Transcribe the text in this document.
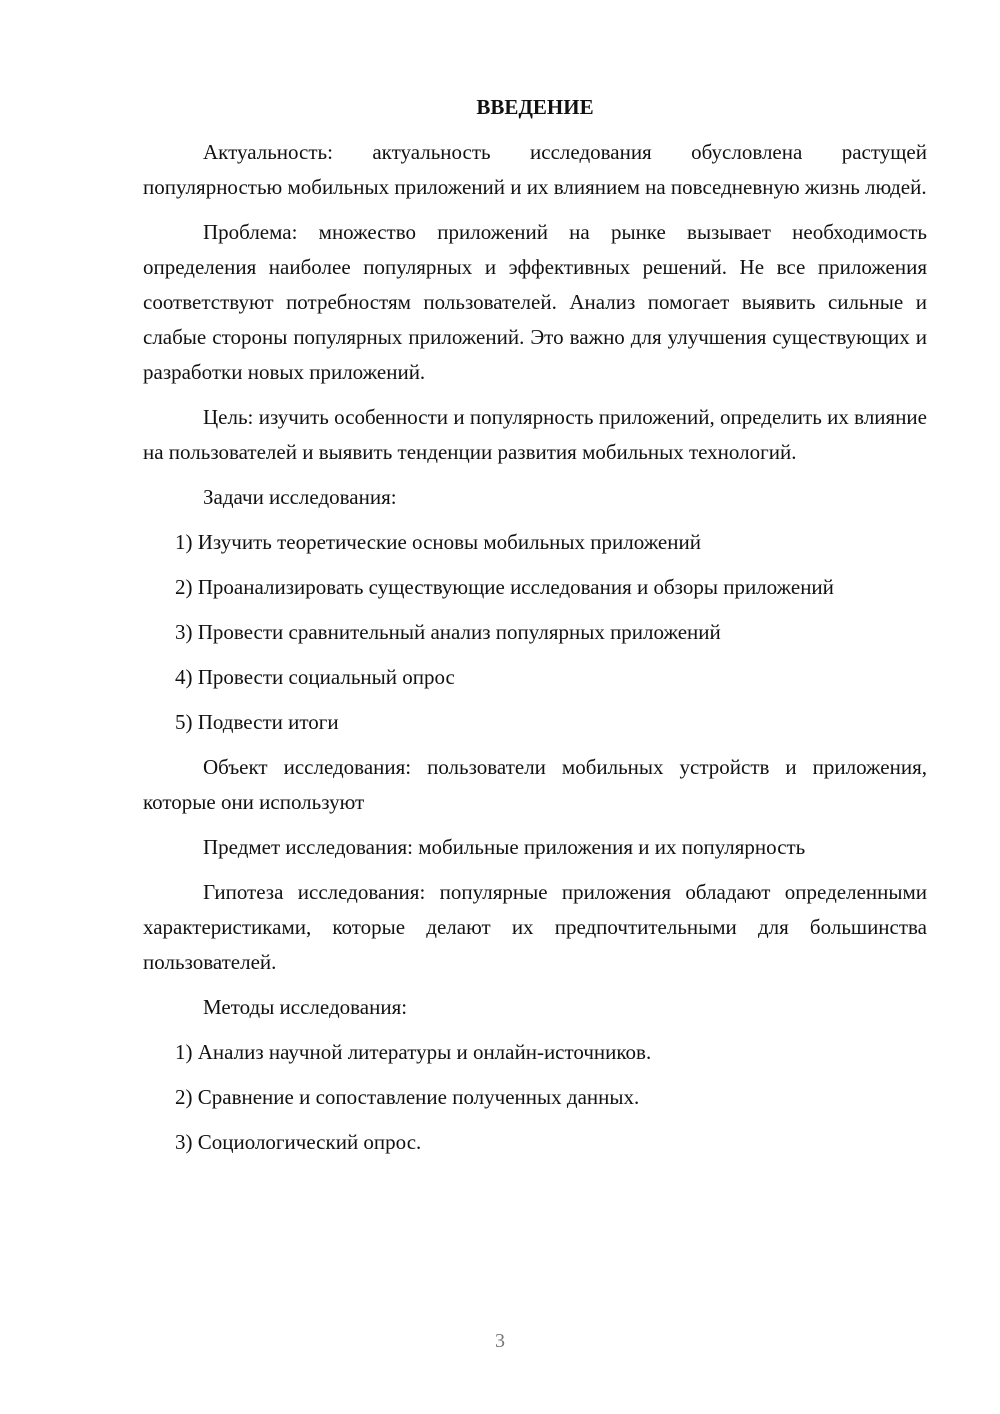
ВВЕДЕНИЕ

Актуальность: актуальность исследования обусловлена растущей популярностью мобильных приложений и их влиянием на повседневную жизнь людей.

Проблема: множество приложений на рынке вызывает необходимость определения наиболее популярных и эффективных решений. Не все приложения соответствуют потребностям пользователей. Анализ помогает выявить сильные и слабые стороны популярных приложений. Это важно для улучшения существующих и разработки новых приложений.

Цель: изучить особенности и популярность приложений, определить их влияние на пользователей и выявить тенденции развития мобильных технологий.

Задачи исследования:

1) Изучить теоретические основы мобильных приложений

2) Проанализировать существующие исследования и обзоры приложений

3) Провести сравнительный анализ популярных приложений

4) Провести социальный опрос

5) Подвести итоги

Объект исследования: пользователи мобильных устройств и приложения, которые они используют

Предмет исследования: мобильные приложения и их популярность

Гипотеза исследования: популярные приложения обладают определенными характеристиками, которые делают их предпочтительными для большинства пользователей.

Методы исследования:

1) Анализ научной литературы и онлайн-источников.

2) Сравнение и сопоставление полученных данных.

3) Социологический опрос.

3
